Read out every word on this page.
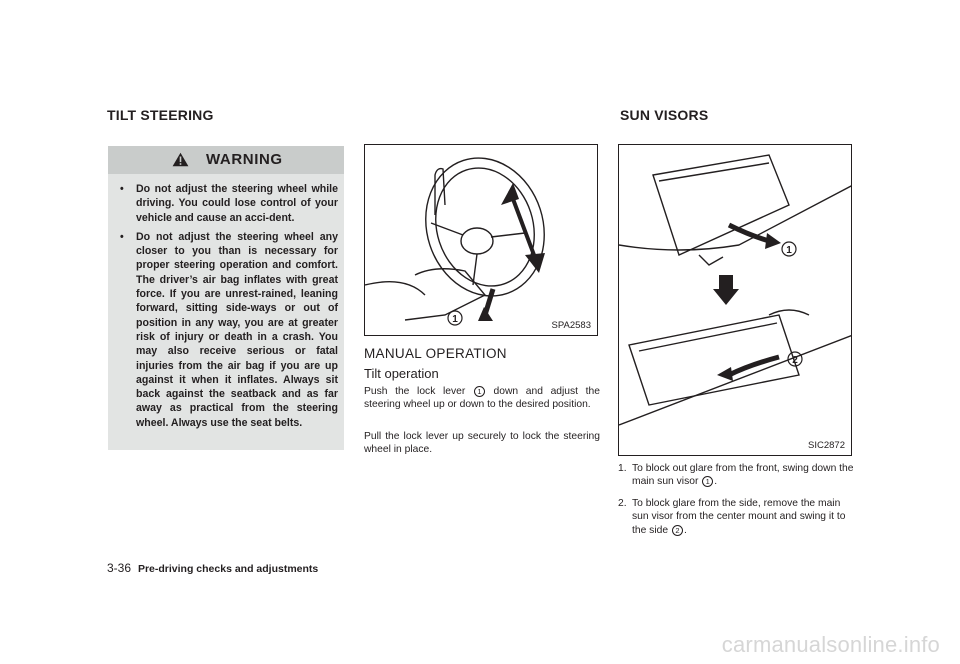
TILT STEERING	SUN VISORS
WARNING
• Do not adjust the steering wheel while driving. You could lose control of your vehicle and cause an acci-dent.
• Do not adjust the steering wheel any closer to you than is necessary for proper steering operation and comfort. The driver’s air bag inflates with great force. If you are unrest-rained, leaning forward, sitting side-ways or out of position in any way, you are at greater risk of injury or death in a crash. You may also receive serious or fatal injuries from the air bag if you are up against it when it inflates. Always sit back against the seatback and as far away as practical from the steering wheel. Always use the seat belts.
1
SPA2583
MANUAL OPERATION
Tilt operation

Push the lock lever 1 down and adjust the steering wheel up or down to the desired position.

Pull the lock lever up securely to lock the steering wheel in place.

1
2
SIC2872
1. To block out glare from the front, swing down the main sun visor 1 .
2. To block glare from the side, remove the main sun visor from the center mount and swing it to the side 2 .
3-36 Pre-driving checks and adjustments
carmanualsonline.info
